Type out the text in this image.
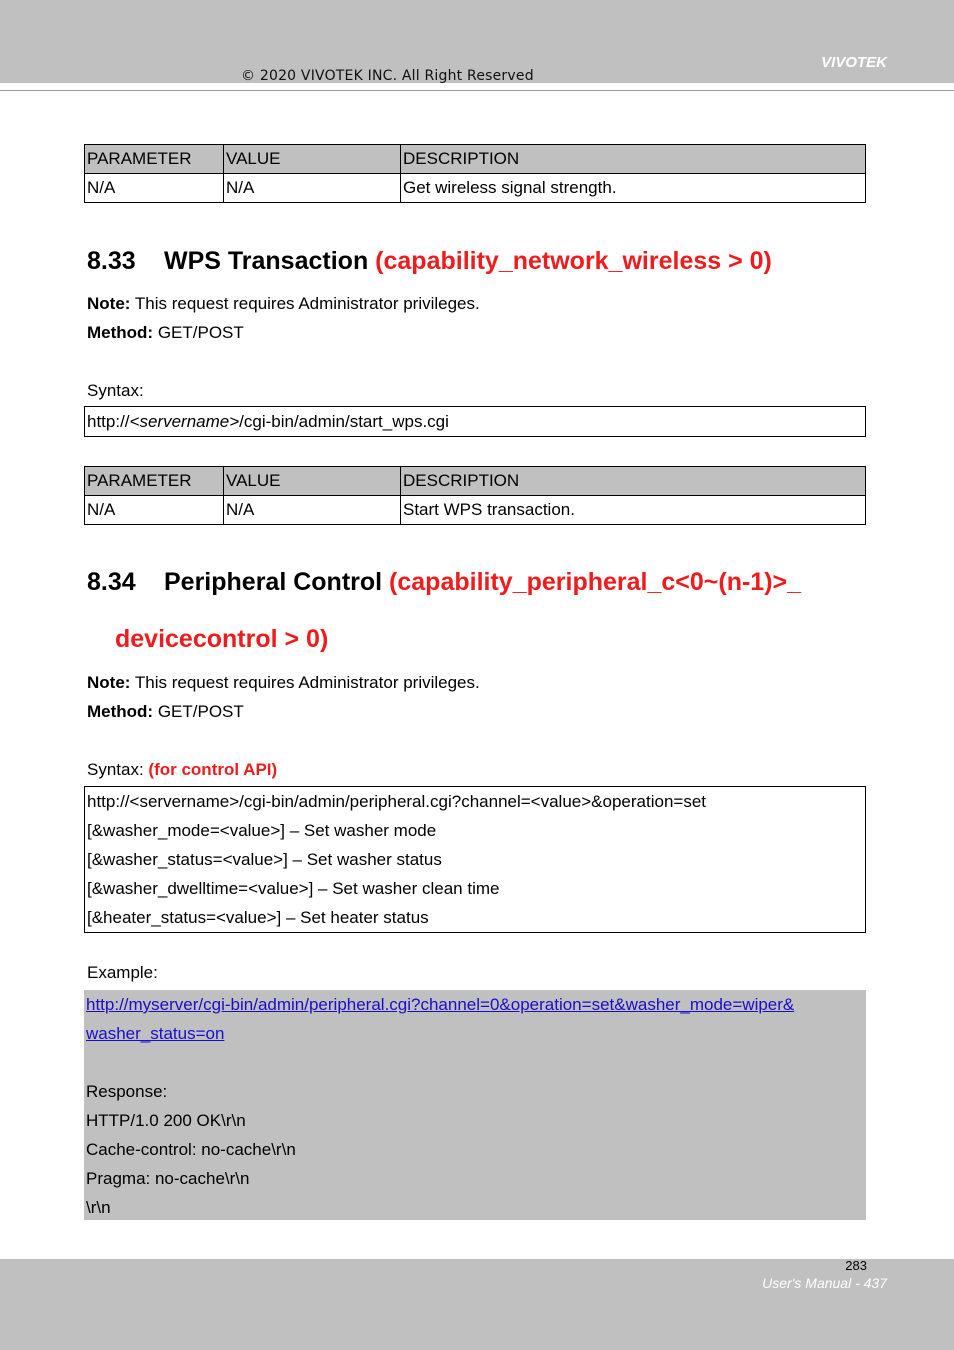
VIVOTEK
© 2020 VIVOTEK INC. All Right Reserved
PARAMETER	VALUE	DESCRIPTION
N/A	N/A	Get wireless signal strength.
8.33 WPS Transaction (capability_network_wireless > 0)
Note: This request requires Administrator privileges.
Method: GET/POST
Syntax:
http://<servername>/cgi-bin/admin/start_wps.cgi
PARAMETER	VALUE	DESCRIPTION
N/A	N/A	Start WPS transaction.
8.34 Peripheral Control (capability_peripheral_c<0~(n-1)>_
devicecontrol > 0)
Note: This request requires Administrator privileges.
Method: GET/POST
Syntax: (for control API)
http://<servername>/cgi-bin/admin/peripheral.cgi?channel=<value>&operation=set
[&washer_mode=<value>] – Set washer mode
[&washer_status=<value>] – Set washer status
[&washer_dwelltime=<value>] – Set washer clean time
[&heater_status=<value>] – Set heater status
Example:
http://myserver/cgi-bin/admin/peripheral.cgi?channel=0&operation=set&washer_mode=wiper&
washer_status=on
Response:
HTTP/1.0 200 OK\r\n
Cache-control: no-cache\r\n
Pragma: no-cache\r\n
\r\n
283
User's Manual - 437
